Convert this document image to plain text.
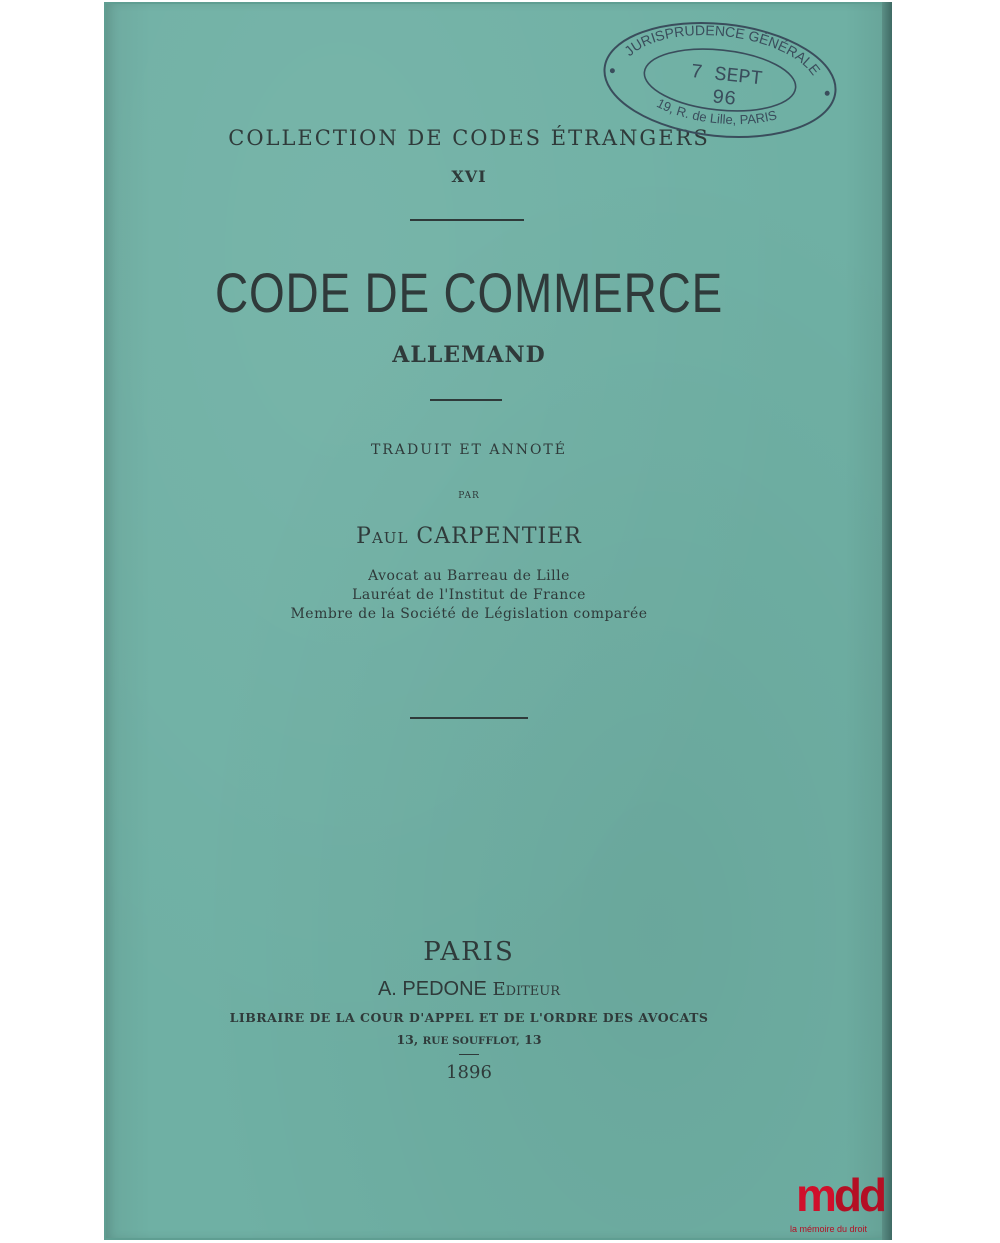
COLLECTION DE CODES ÉTRANGERS
XVI
CODE DE COMMERCE
ALLEMAND
TRADUIT ET ANNOTÉ
PAR
Paul CARPENTIER
Avocat au Barreau de Lille
Lauréat de l'Institut de France
Membre de la Société de Législation comparée
PARIS
A. PEDONE Editeur
LIBRAIRE DE LA COUR D'APPEL ET DE L'ORDRE DES AVOCATS
13, RUE SOUFFLOT, 13
1896
JURISPRUDENCE GÉNÉRALE
19, R. de Lille, PARIS
7 SEPT 96
mdd
la mémoire du droit
